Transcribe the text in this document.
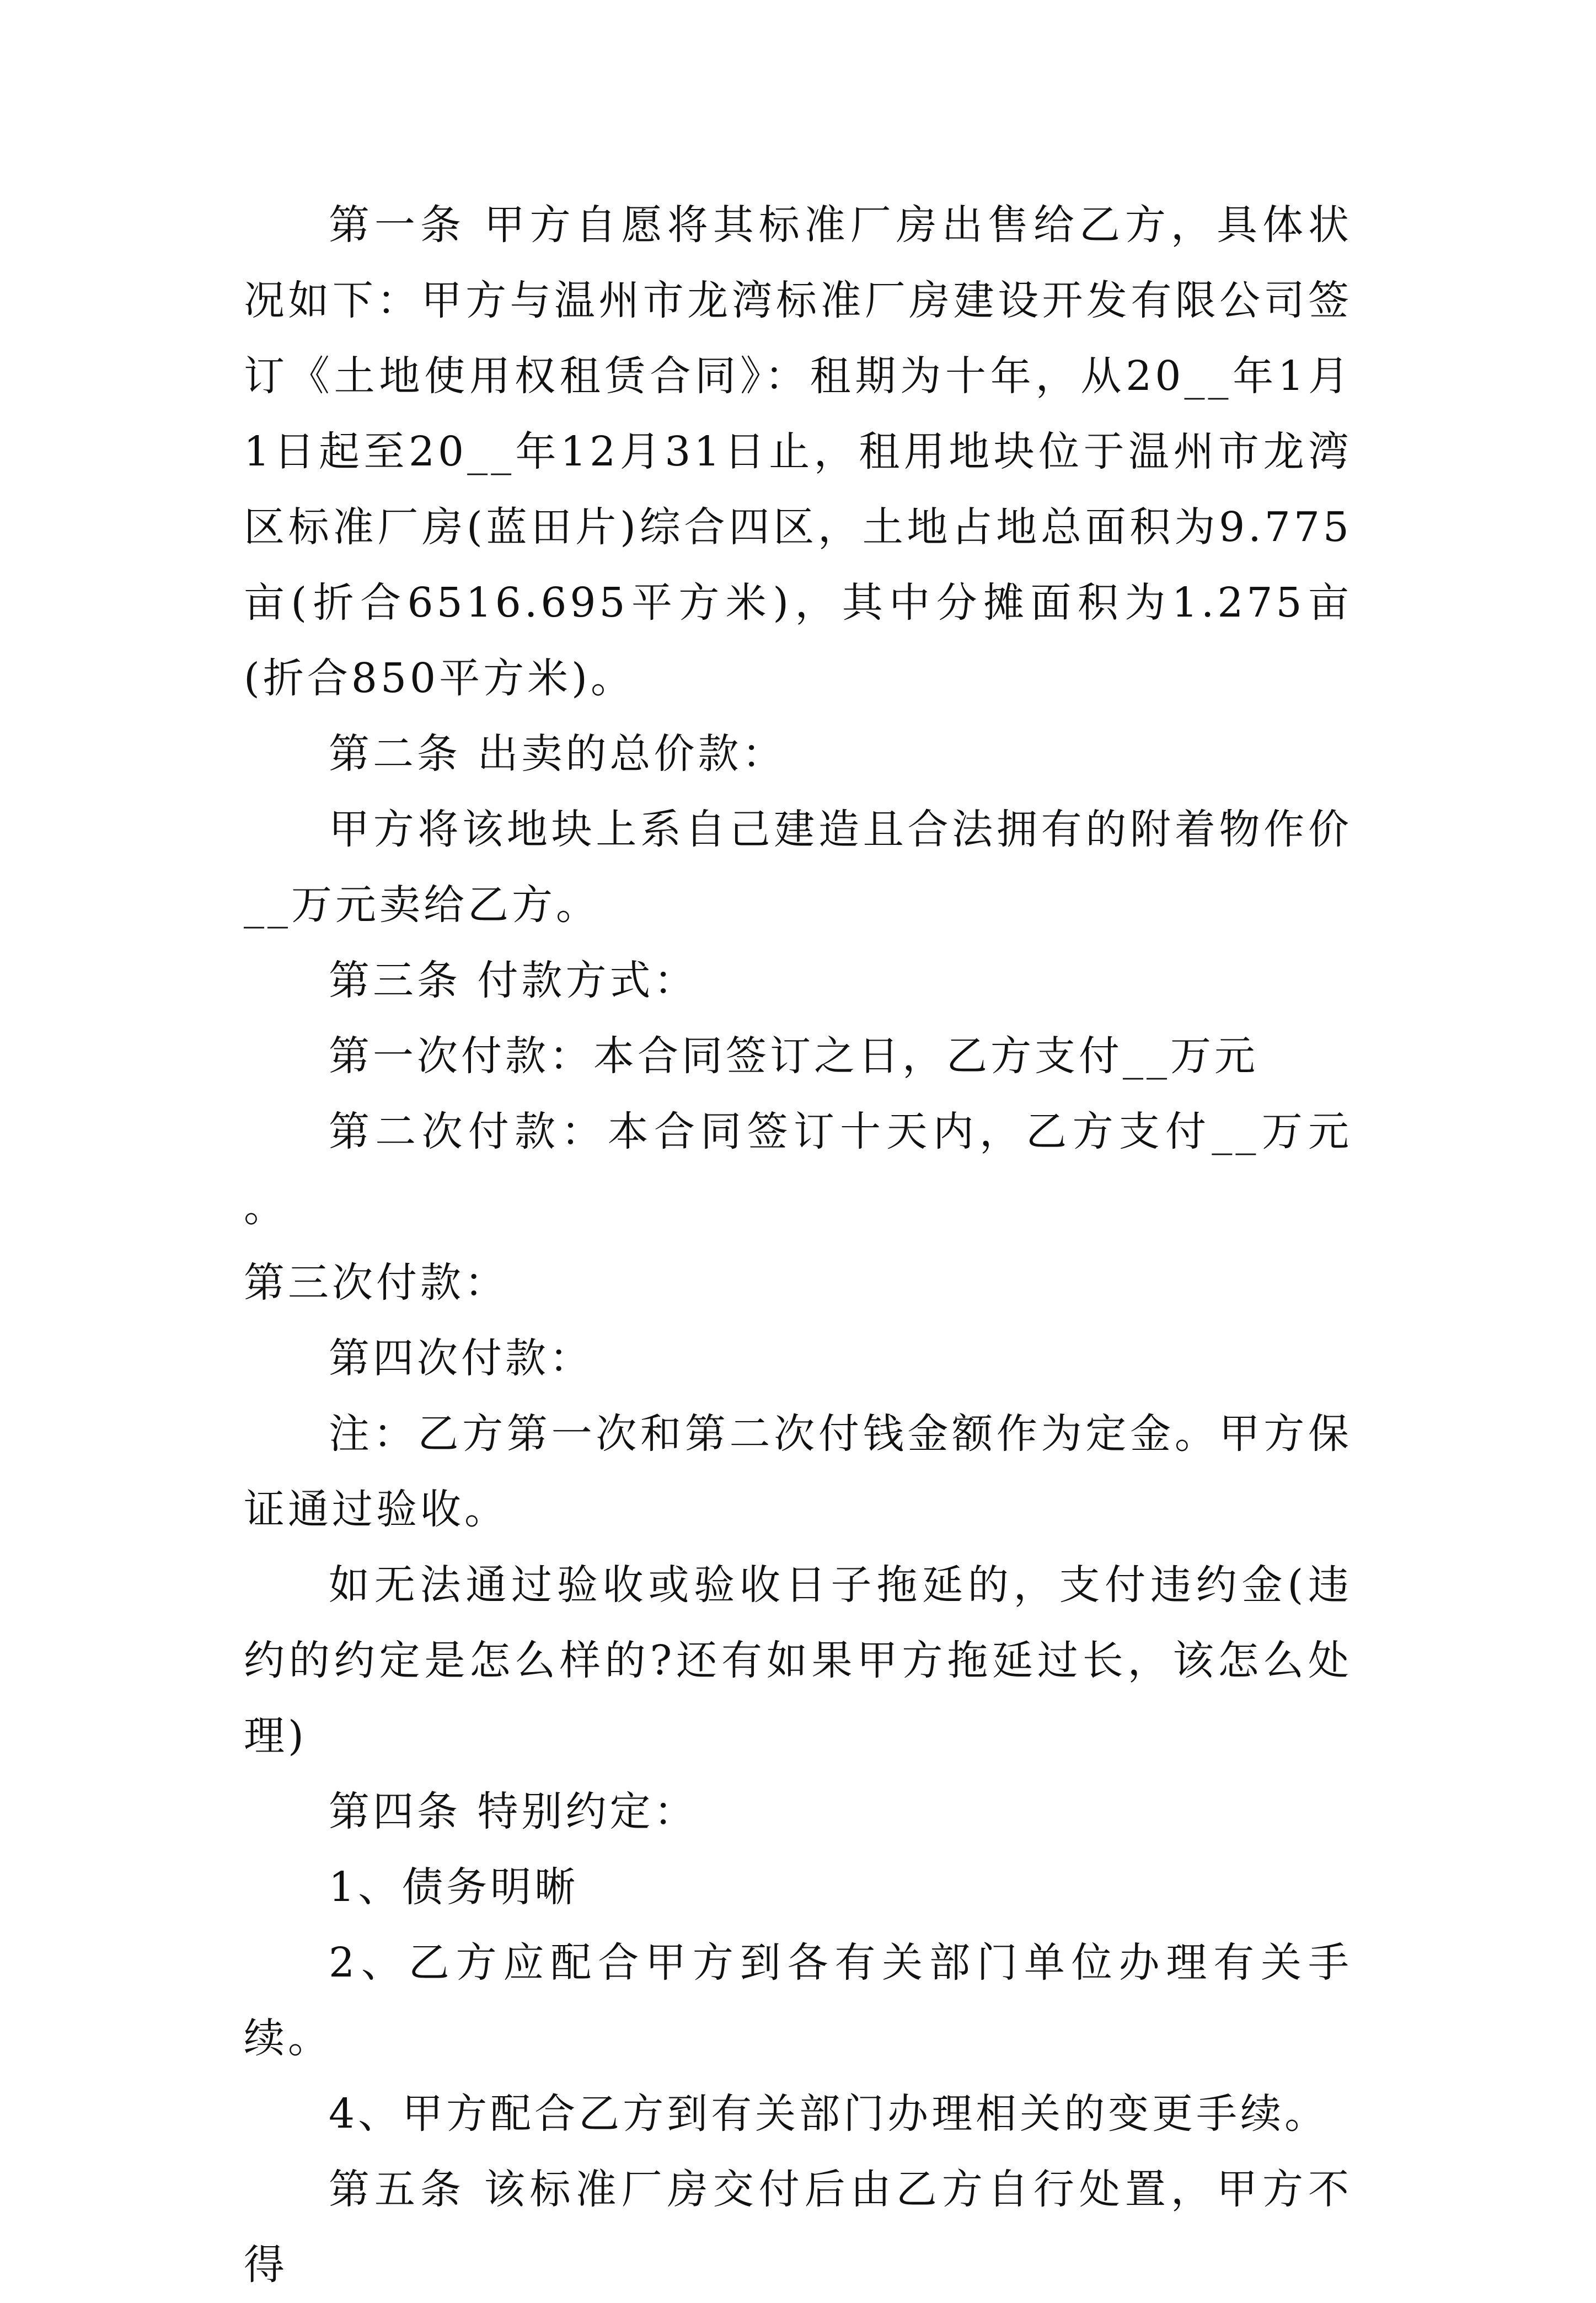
第一条 甲方自愿将其标准厂房出售给乙方，具体状况如下：甲方与温州市龙湾标准厂房建设开发有限公司签订《土地使用权租赁合同》：租期为十年，从20__年1月1日起至20__年12月31日止，租用地块位于温州市龙湾区标准厂房(蓝田片)综合四区，土地占地总面积为9.775亩(折合6516.695平方米)，其中分摊面积为1.275亩(折合850平方米)。

第二条 出卖的总价款：

甲方将该地块上系自己建造且合法拥有的附着物作价__万元卖给乙方。

第三条 付款方式：

第一次付款：本合同签订之日，乙方支付__万元

第二次付款：本合同签订十天内，乙方支付__万元 。

第三次付款：

第四次付款：

注：乙方第一次和第二次付钱金额作为定金。甲方保证通过验收。

如无法通过验收或验收日子拖延的，支付违约金(违约的约定是怎么样的?还有如果甲方拖延过长，该怎么处理)

第四条 特别约定：

1、债务明晰

2、乙方应配合甲方到各有关部门单位办理有关手续。

4、甲方配合乙方到有关部门办理相关的变更手续。

第五条 该标准厂房交付后由乙方自行处置，甲方不得
